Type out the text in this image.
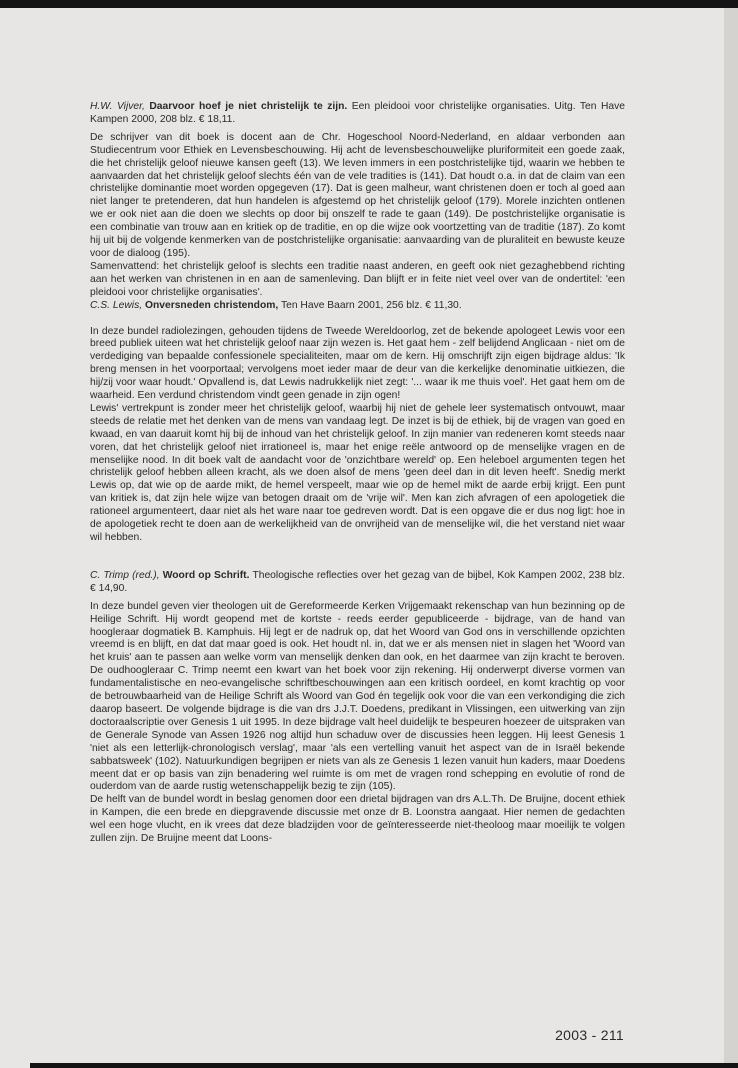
H.W. Vijver, Daarvoor hoef je niet christelijk te zijn. Een pleidooi voor christelijke organisaties. Uitg. Ten Have Kampen 2000, 208 blz. € 18,11.

De schrijver van dit boek is docent aan de Chr. Hogeschool Noord-Nederland, en aldaar verbonden aan Studiecentrum voor Ethiek en Levensbeschouwing. Hij acht de levensbeschouwelijke pluriformiteit een goede zaak, die het christelijk geloof nieuwe kansen geeft (13). We leven immers in een postchristelijke tijd, waarin we hebben te aanvaarden dat het christelijk geloof slechts één van de vele tradities is (141). Dat houdt o.a. in dat de claim van een christelijke dominantie moet worden opgegeven (17). Dat is geen malheur, want christenen doen er toch al goed aan niet langer te pretenderen, dat hun handelen is afgestemd op het christelijk geloof (179). Morele inzichten ontlenen we er ook niet aan die doen we slechts op door bij onszelf te rade te gaan (149). De postchristelijke organisatie is een combinatie van trouw aan en kritiek op de traditie, en op die wijze ook voortzetting van de traditie (187). Zo komt hij uit bij de volgende kenmerken van de postchristelijke organisatie: aanvaarding van de pluraliteit en bewuste keuze voor de dialoog (195).

Samenvattend: het christelijk geloof is slechts een traditie naast anderen, en geeft ook niet gezaghebbend richting aan het werken van christenen in en aan de samenleving. Dan blijft er in feite niet veel over van de ondertitel: 'een pleidooi voor christelijke organisaties'.

C.S. Lewis, Onversneden christendom, Ten Have Baarn 2001, 256 blz. € 11,30.

In deze bundel radiolezingen, gehouden tijdens de Tweede Wereldoorlog, zet de bekende apologeet Lewis voor een breed publiek uiteen wat het christelijk geloof naar zijn wezen is. Het gaat hem - zelf belijdend Anglicaan - niet om de verdediging van bepaalde confessionele specialiteiten, maar om de kern. Hij omschrijft zijn eigen bijdrage aldus: 'Ik breng mensen in het voorportaal; vervolgens moet ieder maar de deur van die kerkelijke denominatie uitkiezen, die hij/zij voor waar houdt.' Opvallend is, dat Lewis nadrukkelijk niet zegt: '... waar ik me thuis voel'. Het gaat hem om de waarheid. Een verdund christendom vindt geen genade in zijn ogen!

Lewis' vertrekpunt is zonder meer het christelijk geloof, waarbij hij niet de gehele leer systematisch ontvouwt, maar steeds de relatie met het denken van de mens van vandaag legt. De inzet is bij de ethiek, bij de vragen van goed en kwaad, en van daaruit komt hij bij de inhoud van het christelijk geloof. In zijn manier van redeneren komt steeds naar voren, dat het christelijk geloof niet irrationeel is, maar het enige reële antwoord op de menselijke vragen en de menselijke nood. In dit boek valt de aandacht voor de 'onzichtbare wereld' op. Een heleboel argumenten tegen het christelijk geloof hebben alleen kracht, als we doen alsof de mens 'geen deel dan in dit leven heeft'. Snedig merkt Lewis op, dat wie op de aarde mikt, de hemel verspeelt, maar wie op de hemel mikt de aarde erbij krijgt. Een punt van kritiek is, dat zijn hele wijze van betogen draait om de 'vrije wil'. Men kan zich afvragen of een apologetiek die rationeel argumenteert, daar niet als het ware naar toe gedreven wordt. Dat is een opgave die er dus nog ligt: hoe in de apologetiek recht te doen aan de werkelijkheid van de onvrijheid van de menselijke wil, die het verstand niet waar wil hebben.

C. Trimp (red.), Woord op Schrift. Theologische reflecties over het gezag van de bijbel, Kok Kampen 2002, 238 blz. € 14,90.

In deze bundel geven vier theologen uit de Gereformeerde Kerken Vrijgemaakt rekenschap van hun bezinning op de Heilige Schrift. Hij wordt geopend met de kortste - reeds eerder gepubliceerde - bijdrage, van de hand van hoogleraar dogmatiek B. Kamphuis. Hij legt er de nadruk op, dat het Woord van God ons in verschillende opzichten vreemd is en blijft, en dat dat maar goed is ook. Het houdt nl. in, dat we er als mensen niet in slagen het 'Woord van het kruis' aan te passen aan welke vorm van menselijk denken dan ook, en het daarmee van zijn kracht te beroven. De oudhoogleraar C. Trimp neemt een kwart van het boek voor zijn rekening. Hij onderwerpt diverse vormen van fundamentalistische en neo-evangelische schriftbeschouwingen aan een kritisch oordeel, en komt krachtig op voor de betrouwbaarheid van de Heilige Schrift als Woord van God én tegelijk ook voor die van een verkondiging die zich daarop baseert. De volgende bijdrage is die van drs J.J.T. Doedens, predikant in Vlissingen, een uitwerking van zijn doctoraalscriptie over Genesis 1 uit 1995. In deze bijdrage valt heel duidelijk te bespeuren hoezeer de uitspraken van de Generale Synode van Assen 1926 nog altijd hun schaduw over de discussies heen leggen. Hij leest Genesis 1 'niet als een letterlijk-chronologisch verslag', maar 'als een vertelling vanuit het aspect van de in Israël bekende sabbatsweek' (102). Natuurkundigen begrijpen er niets van als ze Genesis 1 lezen vanuit hun kaders, maar Doedens meent dat er op basis van zijn benadering wel ruimte is om met de vragen rond schepping en evolutie of rond de ouderdom van de aarde rustig wetenschappelijk bezig te zijn (105).

De helft van de bundel wordt in beslag genomen door een drietal bijdragen van drs A.L.Th. De Bruijne, docent ethiek in Kampen, die een brede en diepgravende discussie met onze dr B. Loonstra aangaat. Hier nemen de gedachten wel een hoge vlucht, en ik vrees dat deze bladzijden voor de geïnteresseerde niet-theoloog maar moeilijk te volgen zullen zijn. De Bruijne meent dat Loons-

2003 - 211
